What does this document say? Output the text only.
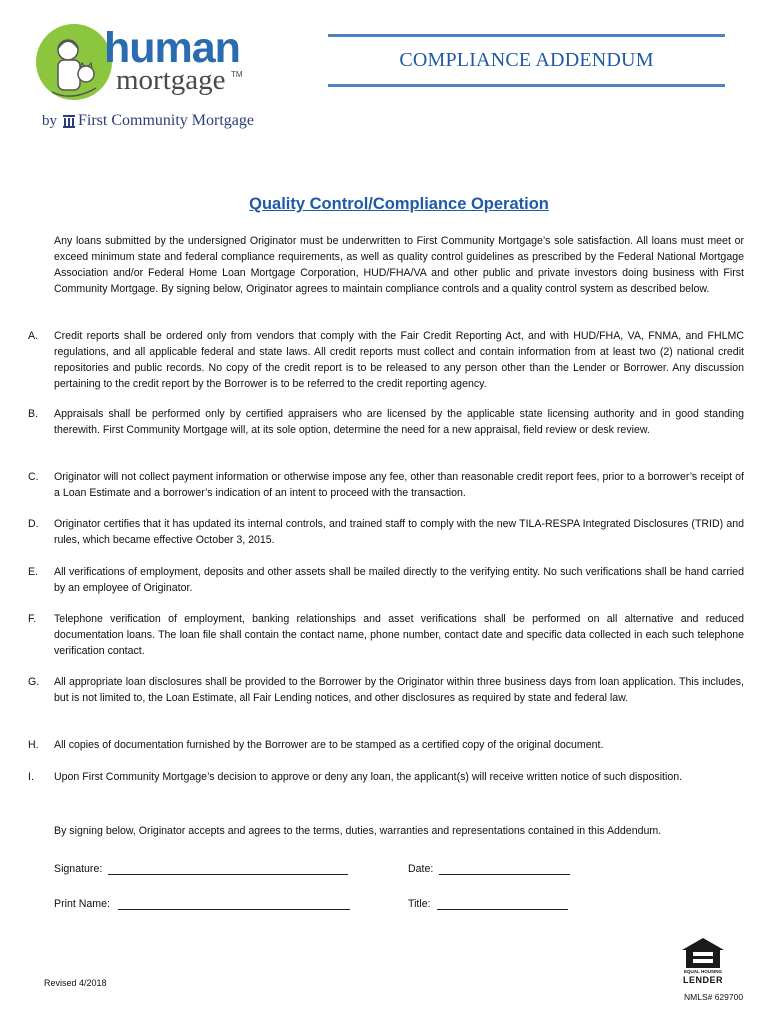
human
mortgage TM
by First Community Mortgage
COMPLIANCE ADDENDUM
Quality Control/Compliance Operation
Any loans submitted by the undersigned Originator must be underwritten to First Community Mortgage’s sole satisfaction. All loans must meet or exceed minimum state and federal compliance requirements, as well as quality control guidelines as prescribed by the Federal National Mortgage Association and/or Federal Home Loan Mortgage Corporation, HUD/FHA/VA and other public and private investors doing business with First Community Mortgage. By signing below, Originator agrees to maintain compliance controls and a quality control system as described below.
A. Credit reports shall be ordered only from vendors that comply with the Fair Credit Reporting Act, and with HUD/FHA, VA, FNMA, and FHLMC regulations, and all applicable federal and state laws. All credit reports must collect and contain information from at least two (2) national credit repositories and public records. No copy of the credit report is to be released to any person other than the Lender or Borrower. Any discussion pertaining to the credit report by the Borrower is to be referred to the credit reporting agency.
B. Appraisals shall be performed only by certified appraisers who are licensed by the applicable state licensing authority and in good standing therewith. First Community Mortgage will, at its sole option, determine the need for a new appraisal, field review or desk review.
C. Originator will not collect payment information or otherwise impose any fee, other than reasonable credit report fees, prior to a borrower’s receipt of a Loan Estimate and a borrower’s indication of an intent to proceed with the transaction.
D. Originator certifies that it has updated its internal controls, and trained staff to comply with the new TILA-RESPA Integrated Disclosures (TRID) and rules, which became effective October 3, 2015.
E. All verifications of employment, deposits and other assets shall be mailed directly to the verifying entity. No such verifications shall be hand carried by an employee of Originator.
F. Telephone verification of employment, banking relationships and asset verifications shall be performed on all alternative and reduced documentation loans. The loan file shall contain the contact name, phone number, contact date and specific data collected in each such telephone verification contact.
G. All appropriate loan disclosures shall be provided to the Borrower by the Originator within three business days from loan application. This includes, but is not limited to, the Loan Estimate, all Fair Lending notices, and other disclosures as required by state and federal law.
H. All copies of documentation furnished by the Borrower are to be stamped as a certified copy of the original document.
I. Upon First Community Mortgage’s decision to approve or deny any loan, the applicant(s) will receive written notice of such disposition.
By signing below, Originator accepts and agrees to the terms, duties, warranties and representations contained in this Addendum.
Signature:	Date:
Print Name:	Title:
Revised 4/2018
EQUAL HOUSING
LENDER
NMLS# 629700
